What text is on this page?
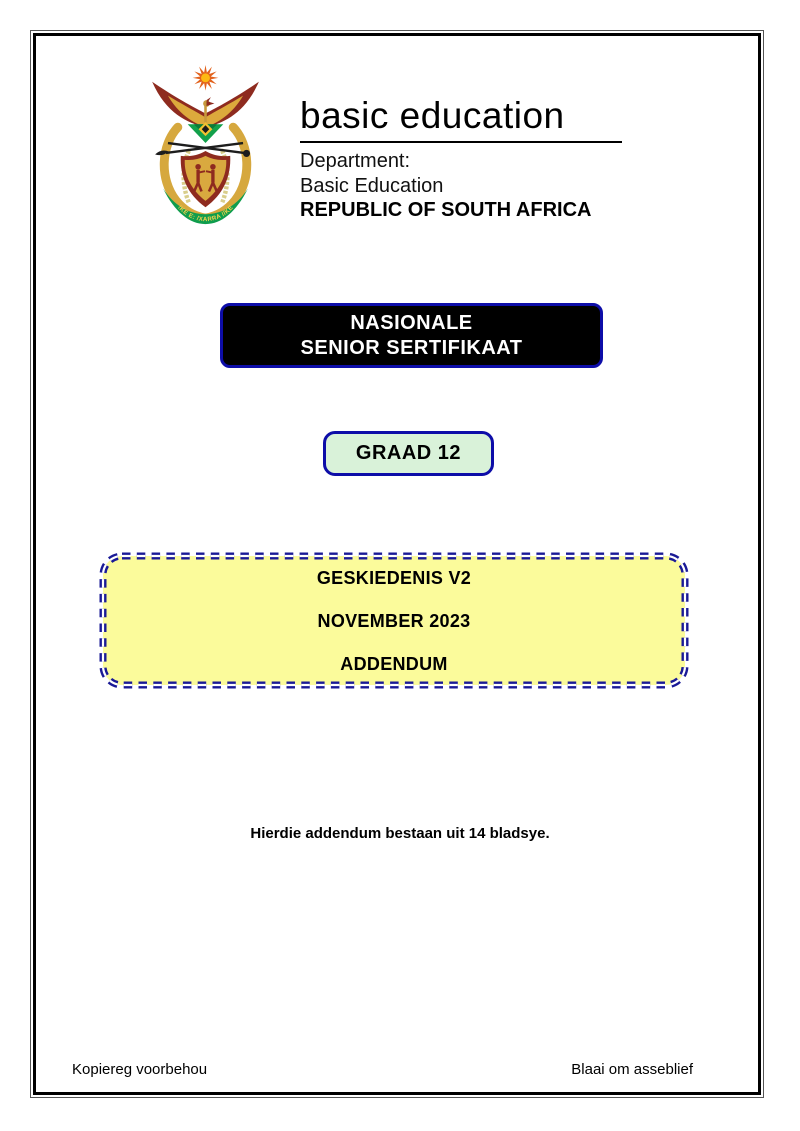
!KE E: /XARRA //KE
basic education
Department:
Basic Education
REPUBLIC OF SOUTH AFRICA
NASIONALE
SENIOR SERTIFIKAAT
GRAAD 12
GESKIEDENIS V2
NOVEMBER 2023
ADDENDUM
Hierdie addendum bestaan uit 14 bladsye.
Kopiereg voorbehou	Blaai om asseblief
